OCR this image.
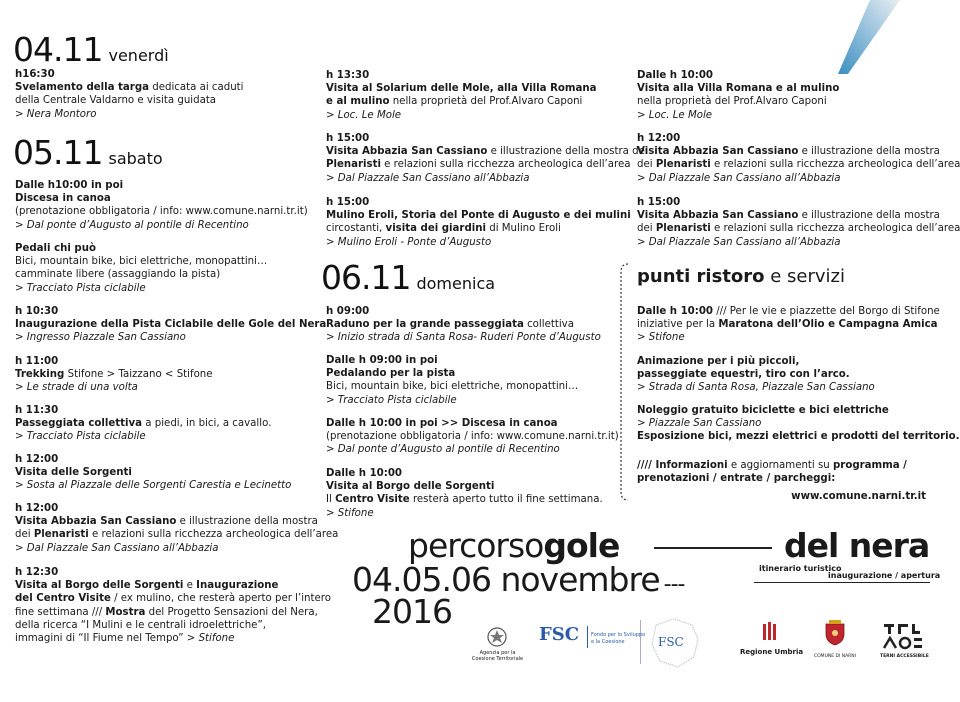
04.11 venerdì
h16:30
Svelamento della targa dedicata ai caduti
della Centrale Valdarno e visita guidata
> Nera Montoro
05.11 sabato
Dalle h10:00 in poi
Discesa in canoa
(prenotazione obbligatoria / info: www.comune.narni.tr.it)
> Dal ponte d’Augusto al pontile di Recentino
Pedali chi può
Bici, mountain bike, bici elettriche, monopattini…
camminate libere (assaggiando la pista)
> Tracciato Pista ciclabile
h 10:30
Inaugurazione della Pista Ciclabile delle Gole del Nera
> Ingresso Piazzale San Cassiano
h 11:00
Trekking Stifone > Taizzano < Stifone
> Le strade di una volta
h 11:30
Passeggiata collettiva a piedi, in bici, a cavallo.
> Tracciato Pista ciclabile
h 12:00
Visita delle Sorgenti
> Sosta al Piazzale delle Sorgenti Carestia e Lecinetto
h 12:00
Visita Abbazia San Cassiano e illustrazione della mostra
dei Plenaristi e relazioni sulla ricchezza archeologica dell’area
> Dal Piazzale San Cassiano all’Abbazia
h 12:30
Visita al Borgo delle Sorgenti e Inaugurazione
del Centro Visite / ex mulino, che resterà aperto per l’intero
fine settimana /// Mostra del Progetto Sensazioni del Nera,
della ricerca “I Mulini e le centrali idroelettriche”,
immagini di “Il Fiume nel Tempo” > Stifone
h 13:30
Visita al Solarium delle Mole, alla Villa Romana
e al mulino nella proprietà del Prof.Alvaro Caponi
> Loc. Le Mole
h 15:00
Visita Abbazia San Cassiano e illustrazione della mostra dei
Plenaristi e relazioni sulla ricchezza archeologica dell’area
> Dal Piazzale San Cassiano all’Abbazia
h 15:00
Mulino Eroli, Storia del Ponte di Augusto e dei mulini
circostanti, visita dei giardini di Mulino Eroli
> Mulino Eroli - Ponte d’Augusto
06.11 domenica
h 09:00
Raduno per la grande passeggiata collettiva
> Inizio strada di Santa Rosa- Ruderi Ponte d’Augusto
Dalle h 09:00 in poi
Pedalando per la pista
Bici, mountain bike, bici elettriche, monopattini…
> Tracciato Pista ciclabile
Dalle h 10:00 in poi >> Discesa in canoa
(prenotazione obbligatoria / info: www.comune.narni.tr.it)
> Dal ponte d’Augusto al pontile di Recentino
Dalle h 10:00
Visita al Borgo delle Sorgenti
Il Centro Visite resterà aperto tutto il fine settimana.
> Stifone
Dalle h 10:00
Visita alla Villa Romana e al mulino
nella proprietà del Prof.Alvaro Caponi
> Loc. Le Mole
h 12:00
Visita Abbazia San Cassiano e illustrazione della mostra
dei Plenaristi e relazioni sulla ricchezza archeologica dell’area
> Dal Piazzale San Cassiano all’Abbazia
h 15:00
Visita Abbazia San Cassiano e illustrazione della mostra
dei Plenaristi e relazioni sulla ricchezza archeologica dell’area
> Dal Piazzale San Cassiano all’Abbazia
punti ristoro e servizi
Dalle h 10:00 /// Per le vie e piazzette del Borgo di Stifone
iniziative per la Maratona dell’Olio e Campagna Amica
> Stifone
Animazione per i più piccoli,
passeggiate equestri, tiro con l’arco.
> Strada di Santa Rosa, Piazzale San Cassiano
Noleggio gratuito biciclette e bici elettriche
> Piazzale San Cassiano
Esposizione bici, mezzi elettrici e prodotti del territorio.
//// Informazioni e aggiornamenti su programma /
prenotazioni / entrate / parcheggi:
www.comune.narni.tr.it
percorsogole	del nera
itinerario turistico
inaugurazione / apertura
04.05.06 novembre ---
2016
Agenzia per la Coesione Territoriale
FSC Fondo per lo Sviluppo
e la Coesione	FSC
Regione Umbria
COMUNE DI NARNI	TERNI ACCESSIBILE
